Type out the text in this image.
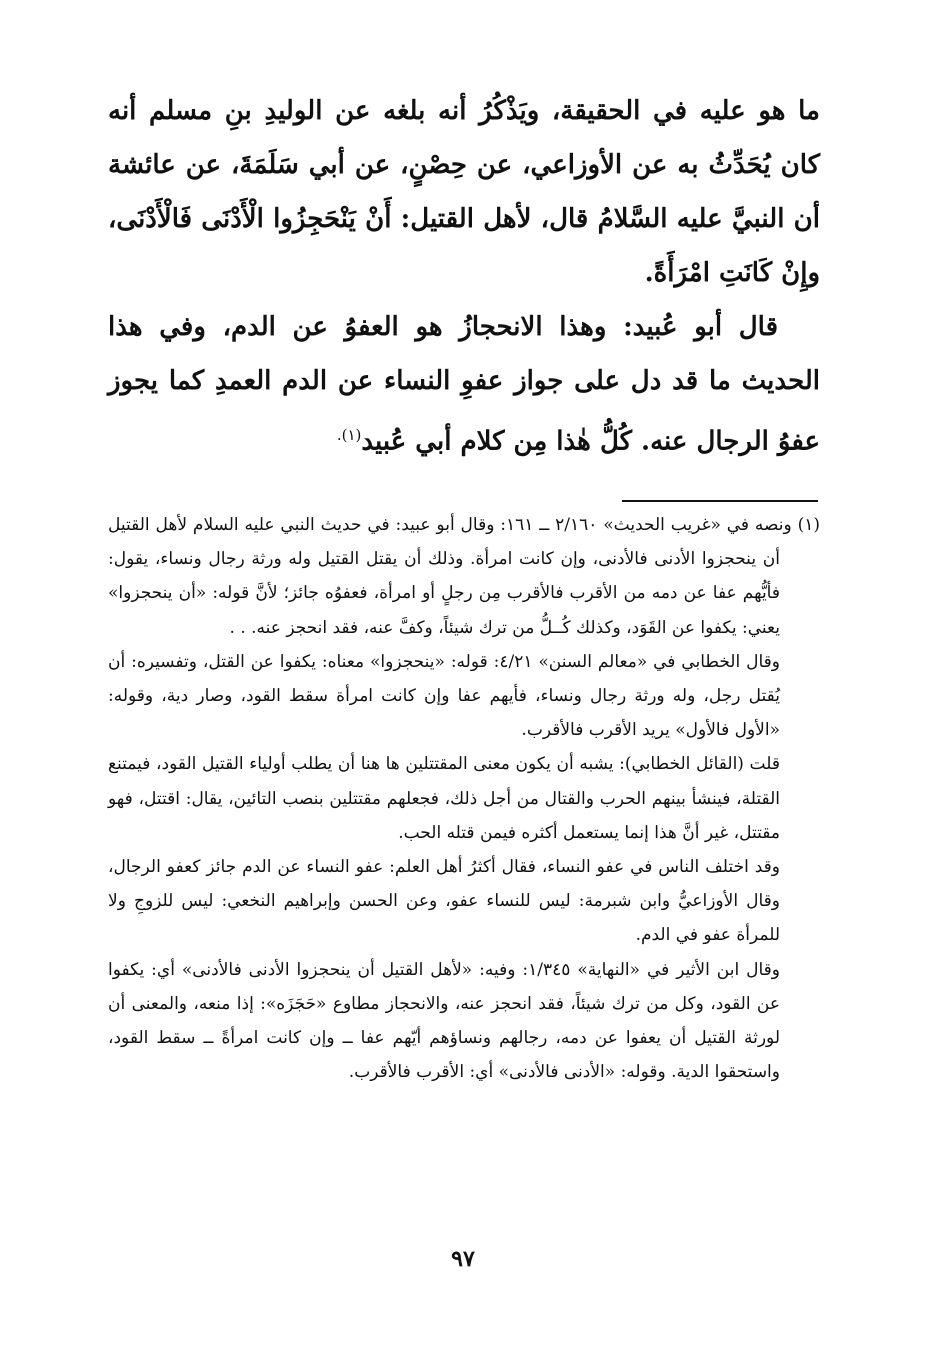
ما هو عليه في الحقيقة، ويَذْكُرُ أنه بلغه عن الوليدِ بنِ مسلم أنه كان يُحَدِّثُ به عن الأوزاعي، عن حِصْنٍ، عن أبي سَلَمَةَ، عن عائشة أن النبيَّ عليه السَّلامُ قال، لأهل القتيل: أَنْ يَنْحَجِزُوا الْأَدْنَى فَالْأَدْنَى، وإِنْ كَانَتِ امْرَأَةً.

قال أبو عُبيد: وهذا الانحجازُ هو العفوُ عن الدم، وفي هذا الحديث ما قد دل على جواز عفوِ النساء عن الدم العمدِ كما يجوز عفوُ الرجال عنه. كُلُّ هٰذا مِن كلام أبي عُبيد$^{(١).}$

(١) ونصه في «غريب الحديث» ٢/١٦٠ ــ ١٦١: وقال أبو عبيد: في حديث النبي عليه السلام لأهل القتيل أن ينحجزوا الأدنى فالأدنى، وإن كانت امرأة. وذلك أن يقتل القتيل وله ورثة رجال ونساء، يقول: فأيُّهم عفا عن دمه من الأقرب فالأقرب مِن رجلٍ أو امرأة، فعفوُه جائز؛ لأنَّ قوله: «أن ينحجزوا» يعني: يكفوا عن القَوَد، وكذلك كُــلُّ من ترك شيئاً، وكفَّ عنه، فقد انحجز عنه. . .

وقال الخطابي في «معالم السنن» ٤/٢١: قوله: «ينحجزوا» معناه: يكفوا عن القتل، وتفسيره: أن يُقتل رجل، وله ورثة رجال ونساء، فأيهم عفا وإن كانت امرأة سقط القود، وصار دية، وقوله: «الأول فالأول» يريد الأقرب فالأقرب.

قلت (القائل الخطابي): يشبه أن يكون معنى المقتتلين ها هنا أن يطلب أولياء القتيل القود، فيمتنع القتلة، فينشأ بينهم الحرب والقتال من أجل ذلك، فجعلهم مقتتلين بنصب التائين، يقال: اقتتل، فهو مقتتل، غير أنَّ هذا إنما يستعمل أكثره فيمن قتله الحب.

وقد اختلف الناس في عفو النساء، فقال أكثرُ أهل العلم: عفو النساء عن الدم جائز كعفو الرجال، وقال الأوزاعيُّ وابن شبرمة: ليس للنساء عفو، وعن الحسن وإبراهيم النخعي: ليس للزوجِ ولا للمرأة عفو في الدم.

وقال ابن الأثير في «النهاية» ١/٣٤٥: وفيه: «لأهل القتيل أن ينحجزوا الأدنى فالأدنى» أي: يكفوا عن القود، وكل من ترك شيئاً، فقد انحجز عنه، والانحجاز مطاوع «حَجَزَه»: إذا منعه، والمعنى أن لورثة القتيل أن يعفوا عن دمه، رجالهم ونساؤهم أيّهم عفا ــ وإن كانت امرأةً ــ سقط القود، واستحقوا الدية. وقوله: «الأدنى فالأدنى» أي: الأقرب فالأقرب.

٩٧
